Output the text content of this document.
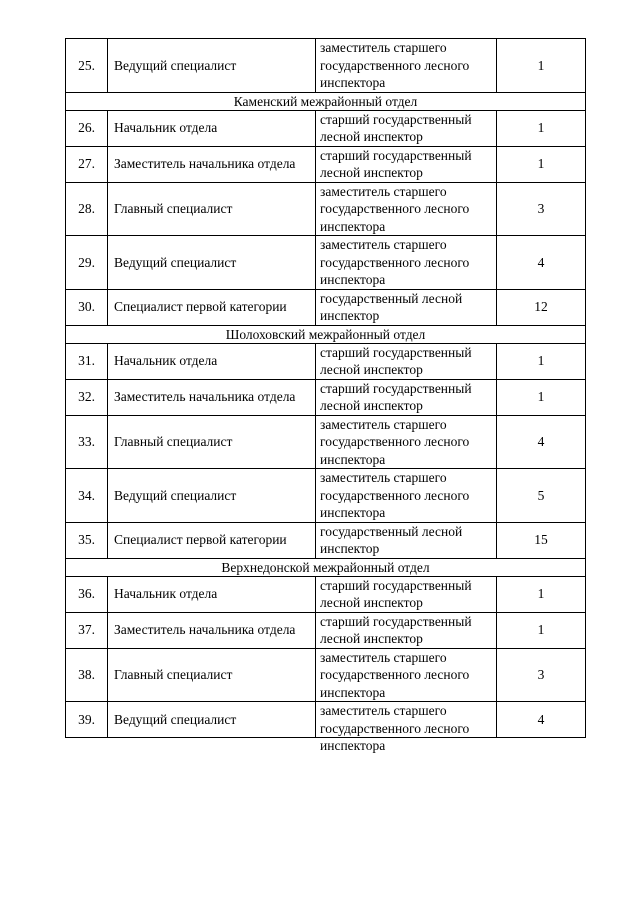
25.	Ведущий специалист	заместитель старшего государственного лесного инспектора	1
Каменский межрайонный отдел			
26.	Начальник отдела	старший государственный лесной инспектор	1
27.	Заместитель начальника отдела	старший государственный лесной инспектор	1
28.	Главный специалист	заместитель старшего государственного лесного инспектора	3
29.	Ведущий специалист	заместитель старшего государственного лесного инспектора	4
30.	Специалист первой категории	государственный лесной инспектор	12
Шолоховский межрайонный отдел			
31.	Начальник отдела	старший государственный лесной инспектор	1
32.	Заместитель начальника отдела	старший государственный лесной инспектор	1
33.	Главный специалист	заместитель старшего государственного лесного инспектора	4
34.	Ведущий специалист	заместитель старшего государственного лесного инспектора	5
35.	Специалист первой категории	государственный лесной инспектор	15
Верхнедонской межрайонный отдел			
36.	Начальник отдела	старший государственный лесной инспектор	1
37.	Заместитель начальника отдела	старший государственный лесной инспектор	1
38.	Главный специалист	заместитель старшего государственного лесного инспектора	3
39.	Ведущий специалист	заместитель старшего государственного лесного инспектора	4
